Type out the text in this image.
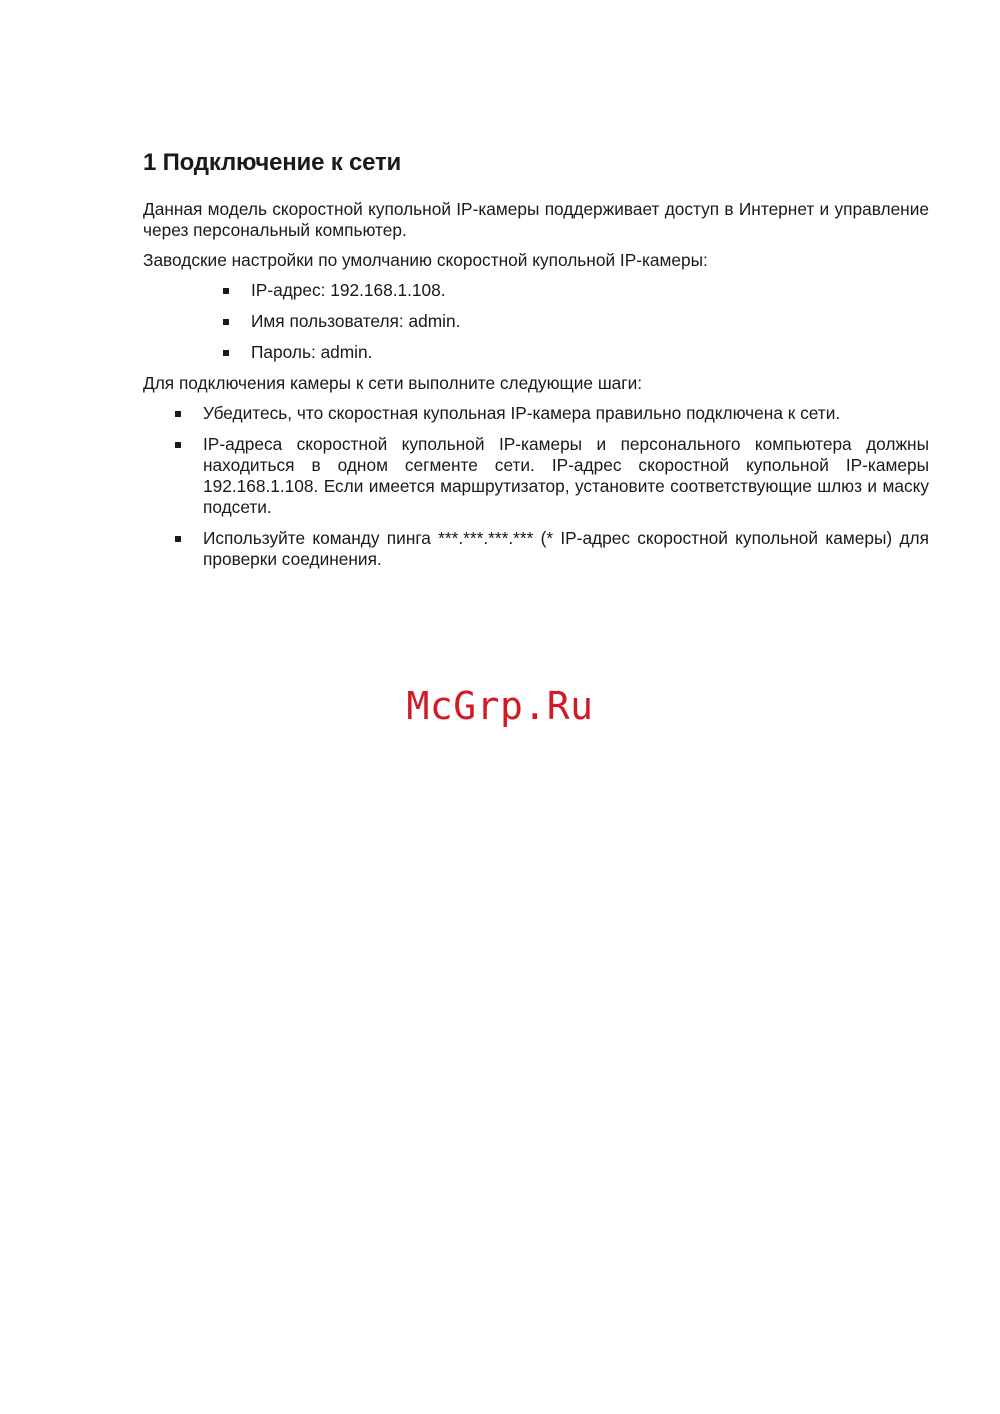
1 Подключение к сети

Данная модель скоростной купольной IP-камеры поддерживает доступ в Интернет и управление через персональный компьютер.

Заводские настройки по умолчанию скоростной купольной IP-камеры:

IP-адрес: 192.168.1.108.
Имя пользователя: admin.
Пароль: admin.

Для подключения камеры к сети выполните следующие шаги:

Убедитесь, что скоростная купольная IP-камера правильно подключена к сети.
IP-адреса скоростной купольной IP-камеры и персонального компьютера должны находиться в одном сегменте сети. IP-адрес скоростной купольной IP-камеры 192.168.1.108. Если имеется маршрутизатор, установите соответствующие шлюз и маску подсети.
Используйте команду пинга ***.***.***.*** (* IP-адрес скоростной купольной камеры) для проверки соединения.
McGrp.Ru
